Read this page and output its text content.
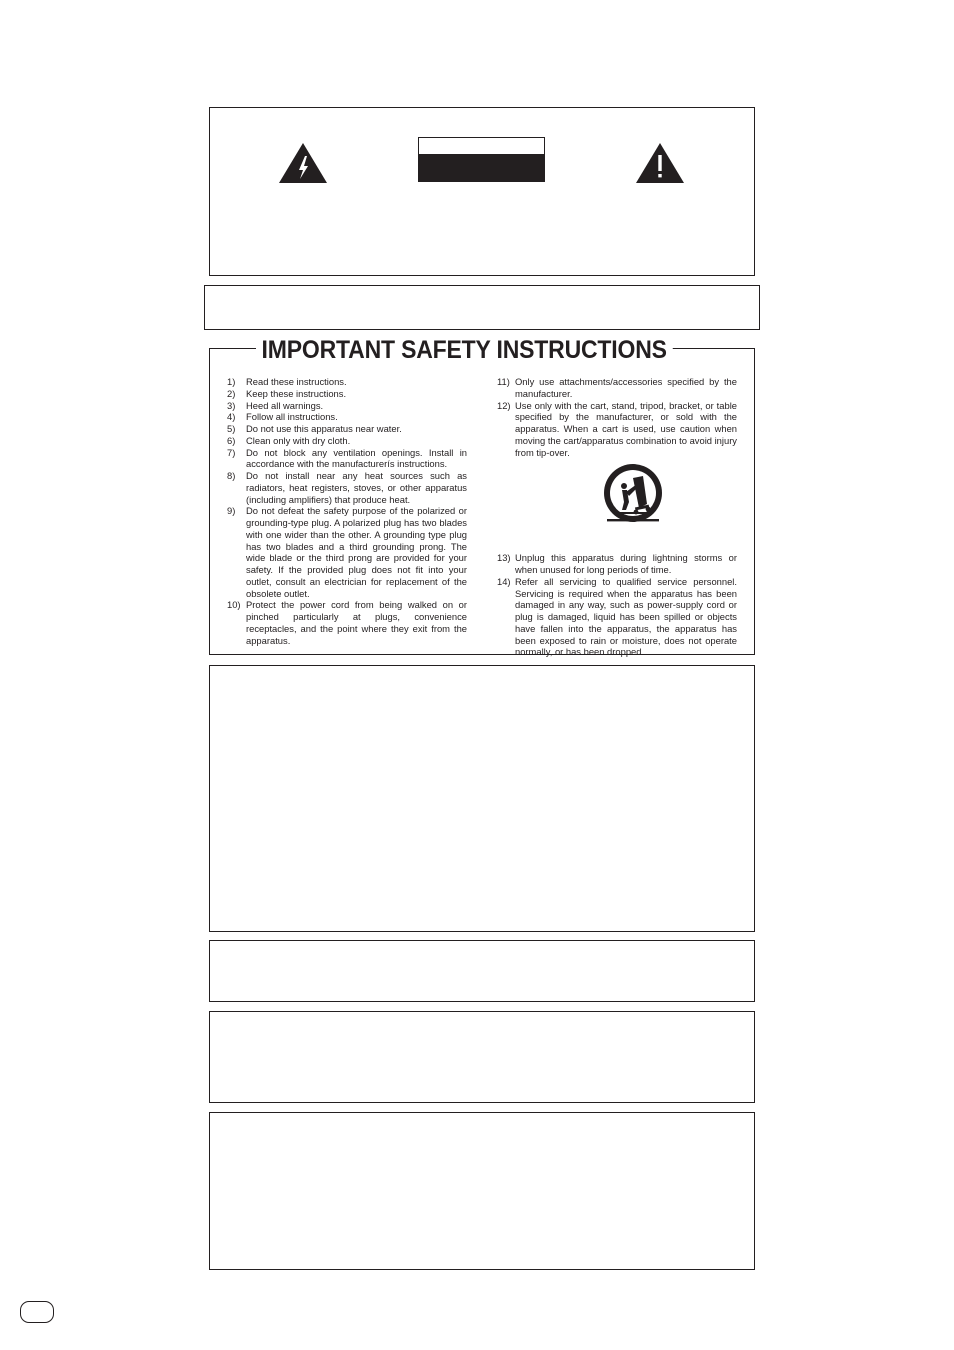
IMPORTANT SAFETY INSTRUCTIONS
1)	Read these instructions.
2)	Keep these instructions.
3)	Heed all warnings.
4)	Follow all instructions.
5)	Do not use this apparatus near water.
6)	Clean only with dry cloth.
7)	Do not block any ventilation openings. Install in accordance with the manufacturerís instructions.
8)	Do not install near any heat sources such as radiators, heat registers, stoves, or other apparatus (including amplifiers) that produce heat.
9)	Do not defeat the safety purpose of the polarized or grounding-type plug. A polarized plug has two blades with one wider than the other. A grounding type plug has two blades and a third grounding prong. The wide blade or the third prong are provided for your safety. If the provided plug does not fit into your outlet, consult an electrician for replacement of the obsolete outlet.
10) Protect the power cord from being walked on or pinched particularly at plugs, convenience receptacles, and the point where they exit from the apparatus.
11) Only use attachments/accessories specified by the manufacturer.
12) Use only with the cart, stand, tripod, bracket, or table specified by the manufacturer, or sold with the apparatus. When a cart is used, use caution when moving the cart/apparatus combination to avoid injury from tip-over.
13) Unplug this apparatus during lightning storms or when unused for long periods of time.
14) Refer all servicing to qualified service personnel. Servicing is required when the apparatus has been damaged in any way, such as power-supply cord or plug is damaged, liquid has been spilled or objects have fallen into the apparatus, the apparatus has been exposed to rain or moisture, does not operate normally, or has been dropped.
